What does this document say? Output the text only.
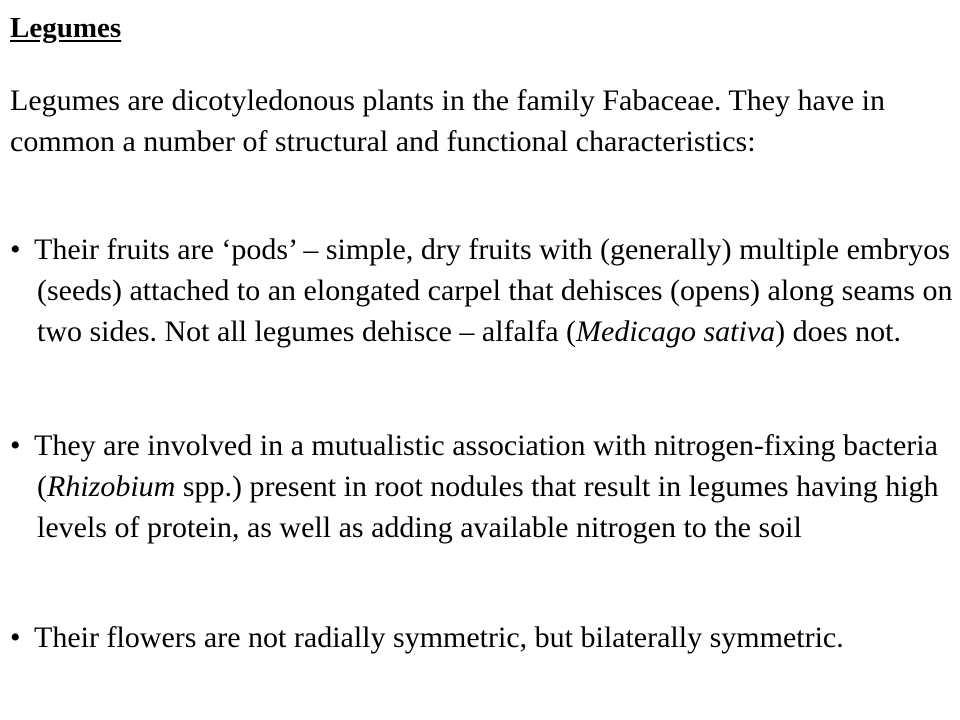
Legumes

Legumes are dicotyledonous plants in the family Fabaceae. They have in common a number of structural and functional characteristics:

• Their fruits are ‘pods’ – simple, dry fruits with (generally) multiple embryos (seeds) attached to an elongated carpel that dehisces (opens) along seams on two sides. Not all legumes dehisce – alfalfa (Medicago sativa) does not.

• They are involved in a mutualistic association with nitrogen-fixing bacteria (Rhizobium spp.) present in root nodules that result in legumes having high levels of protein, as well as adding available nitrogen to the soil

• Their flowers are not radially symmetric, but bilaterally symmetric.
